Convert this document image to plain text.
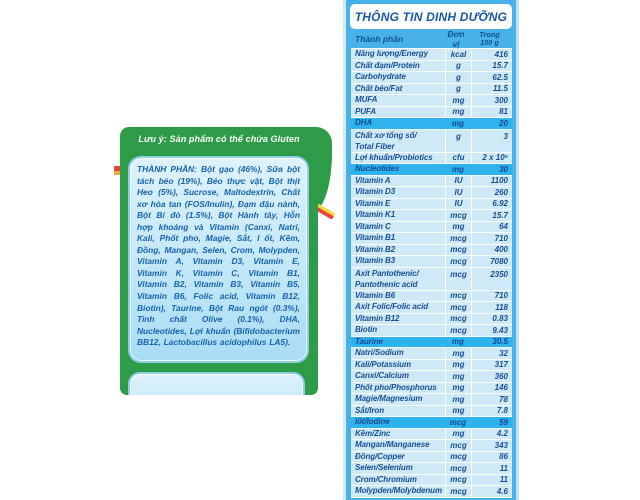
Lưu ý: Sản phẩm có thể chứa Gluten
THÀNH PHẦN: Bột gạo (46%), Sữa bột tách béo (19%), Béo thực vật, Bột thịt Heo (5%), Sucrose, Maltodextrin, Chất xơ hòa tan (FOS/Inulin), Đạm đậu nành, Bột Bí đỏ (1.5%), Bột Hành tây, Hỗn hợp khoáng và Vitamin (Canxi, Natri, Kali, Phốt pho, Magie, Sắt, I ốt, Kẽm, Đồng, Mangan, Selen, Crom, Molypden, Vitamin A, Vitamin D3, Vitamin E, Vitamin K, Vitamin C, Vitamin B1, Vitamin B2, Vitamin B3, Vitamin B5, Vitamin B6, Folic acid, Vitamin B12, Biotin), Taurine, Bột Rau ngót (0.3%), Tinh chất Olive (0.1%), DHA, Nucleotides, Lợi khuẩn (Bifidobacterium BB12, Lactobacillus acidophilus LA5).
THÔNG TIN DINH DƯỠNG
Thành phần	Đơn vị
Trong
100 g
Năng lượng/Energy	kcal	416
Chất đạm/Protein	g	15.7
Carbohydrate	g	62.5
Chất béo/Fat	g	11.5
MUFA	mg	300
PUFA	mg	81
DHA	mg	20
Chất xơ tổng số/
Total Fiber
g	3
Lợi khuẩn/Probiotics	cfu	2 x 10⁸
Nucleotides	mg	30
Vitamin A	IU	1100
Vitamin D3	IU	260
Vitamin E	IU	6.92
Vitamin K1	mcg	15.7
Vitamin C	mg	64
Vitamin B1	mcg	710
Vitamin B2	mcg	400
Vitamin B3	mcg	7080
Axit Pantothenic/
Pantothenic acid
mcg	2350
Vitamin B6	mcg	710
Axit Folic/Folic acid	mcg	118
Vitamin B12	mcg	0.83
Biotin	mcg	9.43
Taurine	mg	30.5
Natri/Sodium	mg	32
Kali/Potassium	mg	317
Canxi/Calcium	mg	360
Phốt pho/Phosphorus	mg	146
Magie/Magnesium	mg	78
Sắt/Iron	mg	7.8
Iốt/Iodine	mcg	59
Kẽm/Zinc	mg	4.2
Mangan/Manganese	mcg	343
Đồng/Copper	mcg	86
Selen/Selenium	mcg	11
Crom/Chromium	mcg	11
Molypden/Molybdenum	mcg	4.6
